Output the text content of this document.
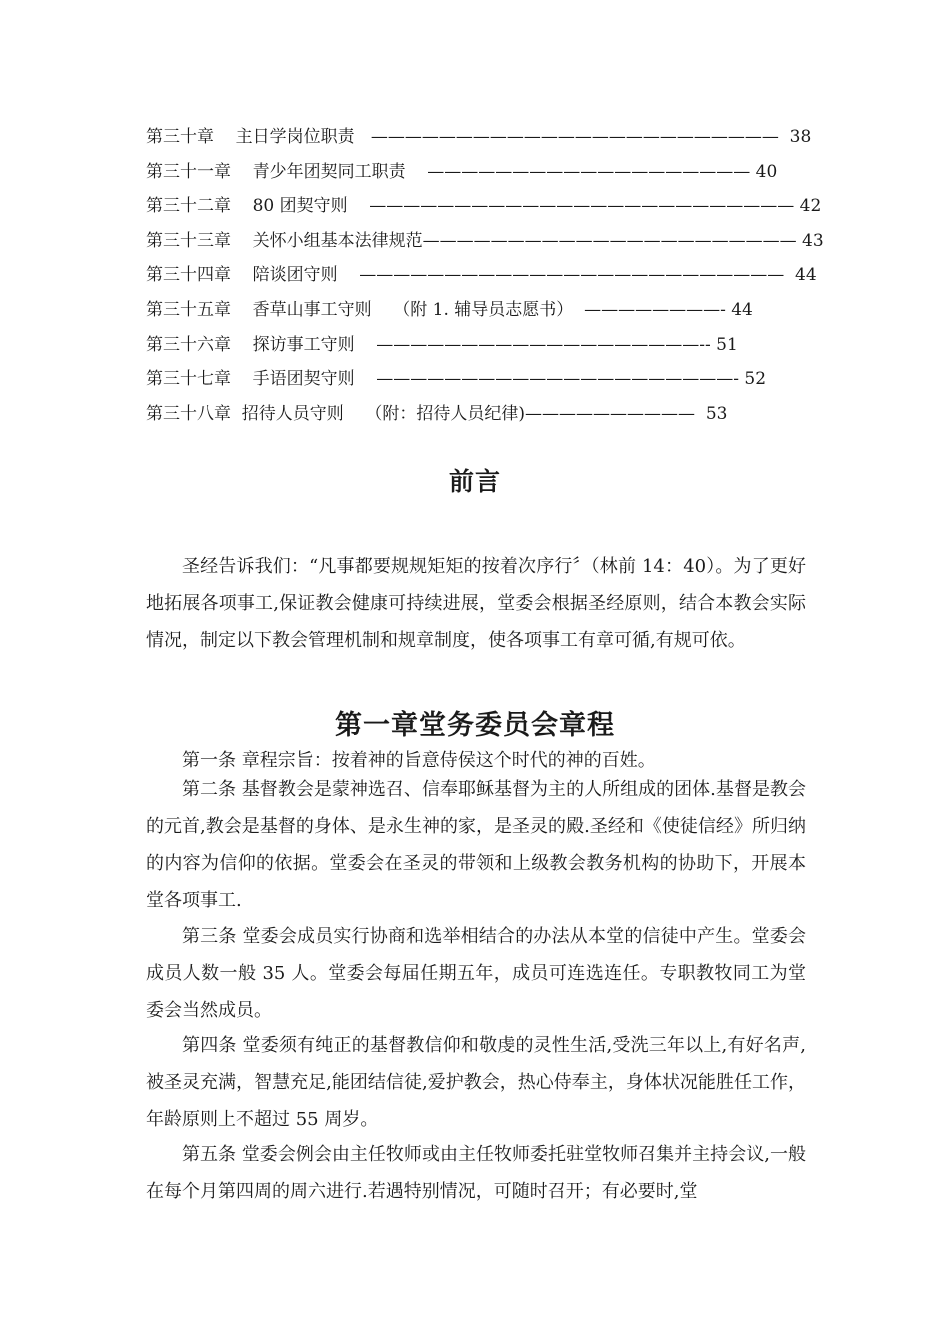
第三十章    主日学岗位职责   ————————————————————————  38
第三十一章    青少年团契同工职责    ——————————————————— 40
第三十二章    80 团契守则    ————————————————————————— 42
第三十三章    关怀小组基本法律规范—————————————————————— 43
第三十四章    陪谈团守则    —————————————————————————  44
第三十五章    香草山事工守则    （附 1. 辅导员志愿书）  ————————- 44
第三十六章    探访事工守则    ———————————————————-- 51
第三十七章    手语团契守则    —————————————————————- 52
第三十八章  招待人员守则    （附：招待人员纪律)——————————  53
前言

圣经告诉我们：“凡事都要规规矩矩的按着次序行〞（林前 14：40）。为了更好地拓展各项事工,保证教会健康可持续进展，堂委会根据圣经原则，结合本教会实际情况，制定以下教会管理机制和规章制度，使各项事工有章可循,有规可依。

第一章堂务委员会章程

第一条 章程宗旨：按着神的旨意侍侯这个时代的神的百姓。

第二条 基督教会是蒙神选召、信奉耶稣基督为主的人所组成的团体.基督是教会的元首,教会是基督的身体、是永生神的家，是圣灵的殿.圣经和《使徒信经》所归纳的内容为信仰的依据。堂委会在圣灵的带领和上级教会教务机构的协助下，开展本堂各项事工.

第三条 堂委会成员实行协商和选举相结合的办法从本堂的信徒中产生。堂委会成员人数一般 35 人。堂委会每届任期五年，成员可连选连任。专职教牧同工为堂委会当然成员。

第四条 堂委须有纯正的基督教信仰和敬虔的灵性生活,受洗三年以上,有好名声,被圣灵充满，智慧充足,能团结信徒,爱护教会，热心侍奉主，身体状况能胜任工作，年龄原则上不超过 55 周岁。

第五条 堂委会例会由主任牧师或由主任牧师委托驻堂牧师召集并主持会议,一般在每个月第四周的周六进行.若遇特别情况，可随时召开；有必要时,堂
